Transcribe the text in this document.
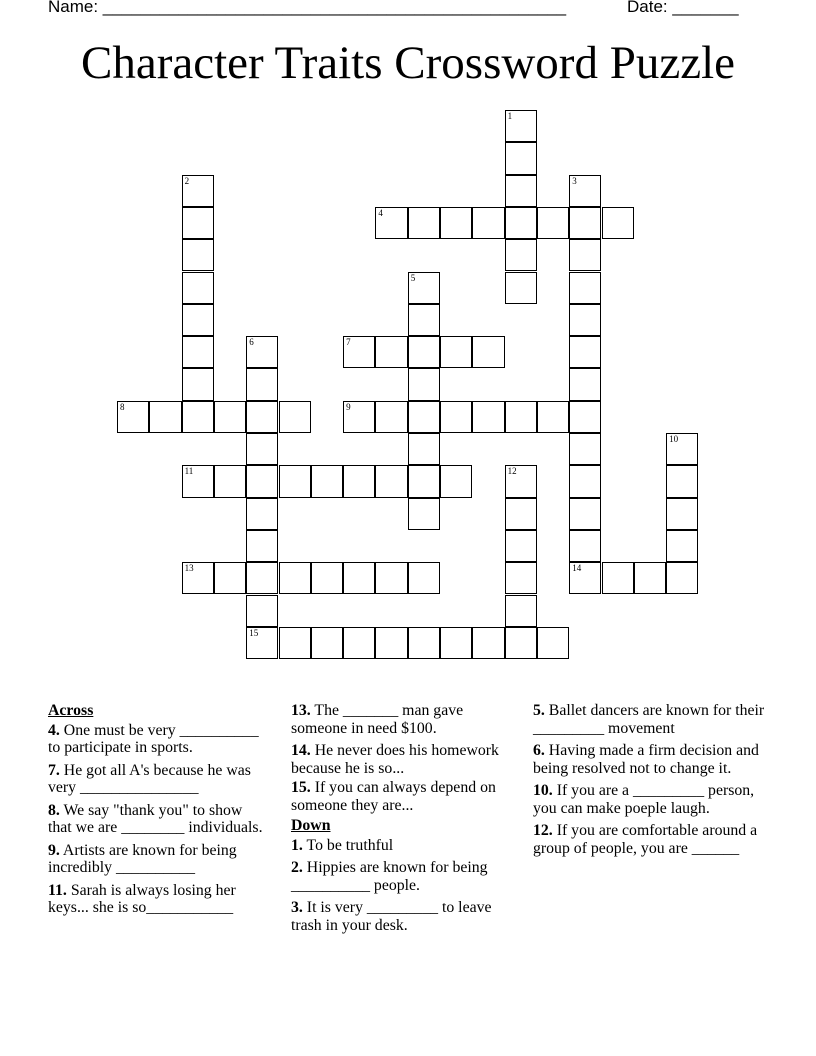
Name: _________________________________________________	Date: _______
Character Traits Crossword Puzzle
1
2	3
14
4
5
6
15
7
8	9
10
11	12
13
Across
4. One must be very __________ to participate in sports.
7. He got all A's because he was very _______________
8. We say "thank you" to show that we are ________ individuals.
9. Artists are known for being incredibly __________
11. Sarah is always losing her keys... she is so___________
13. The _______ man gave someone in need $100.
14. He never does his homework because he is so...
15. If you can always depend on someone they are...
Down
1. To be truthful
2. Hippies are known for being __________ people.
3. It is very _________ to leave trash in your desk.
5. Ballet dancers are known for their _________ movement
6. Having made a firm decision and being resolved not to change it.
10. If you are a _________ person, you can make poeple laugh.
12. If you are comfortable around a group of people, you are ______
